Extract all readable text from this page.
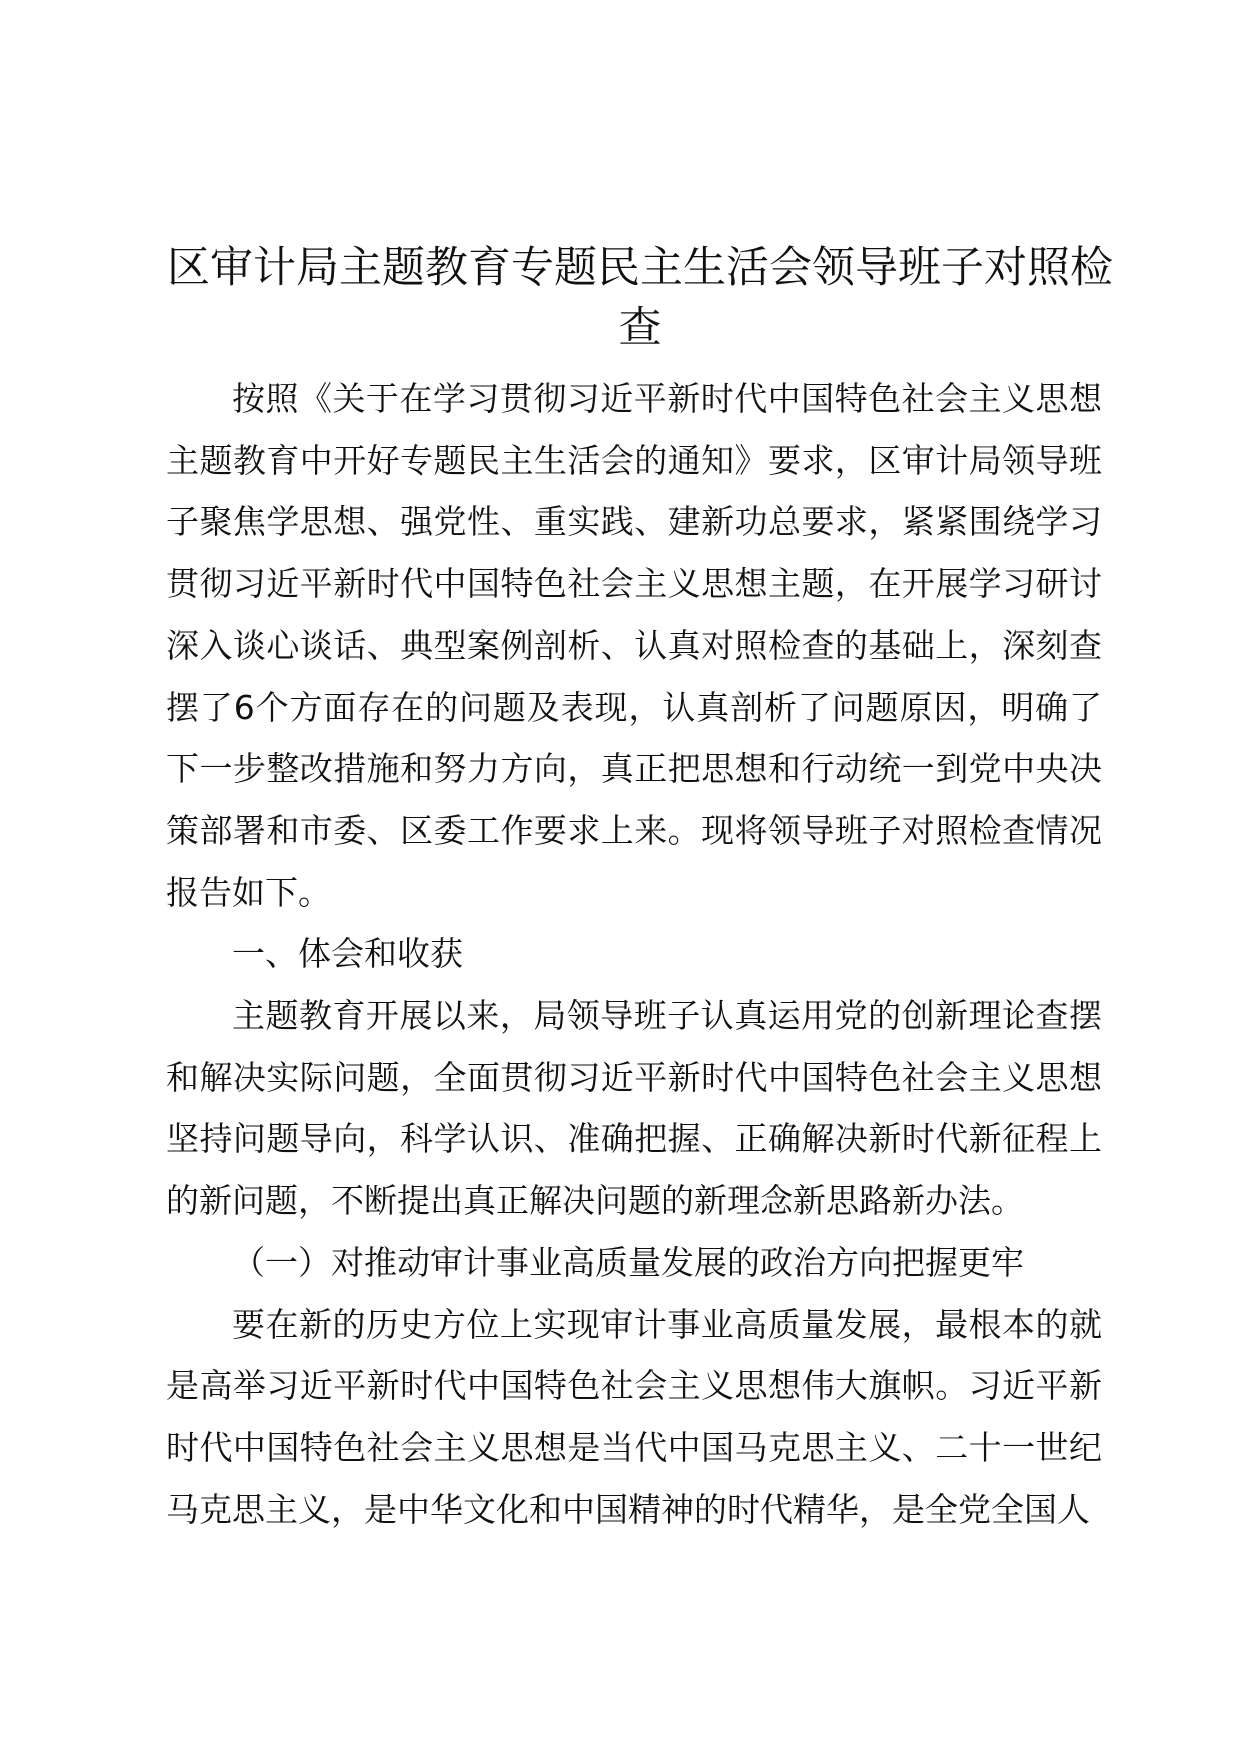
区审计局主题教育专题民主生活会领导班子对照检查

按照《关于在学习贯彻习近平新时代中国特色社会主义思想主题教育中开好专题民主生活会的通知》要求，区审计局领导班子聚焦学思想、强党性、重实践、建新功总要求，紧紧围绕学习贯彻习近平新时代中国特色社会主义思想主题，在开展学习研讨深入谈心谈话、典型案例剖析、认真对照检查的基础上，深刻查摆了6个方面存在的问题及表现，认真剖析了问题原因，明确了下一步整改措施和努力方向，真正把思想和行动统一到党中央决策部署和市委、区委工作要求上来。现将领导班子对照检查情况报告如下。

一、体会和收获

主题教育开展以来，局领导班子认真运用党的创新理论查摆和解决实际问题，全面贯彻习近平新时代中国特色社会主义思想坚持问题导向，科学认识、准确把握、正确解决新时代新征程上的新问题，不断提出真正解决问题的新理念新思路新办法。

（一）对推动审计事业高质量发展的政治方向把握更牢

要在新的历史方位上实现审计事业高质量发展，最根本的就是高举习近平新时代中国特色社会主义思想伟大旗帜。习近平新时代中国特色社会主义思想是当代中国马克思主义、二十一世纪马克思主义，是中华文化和中国精神的时代精华，是全党全国人
